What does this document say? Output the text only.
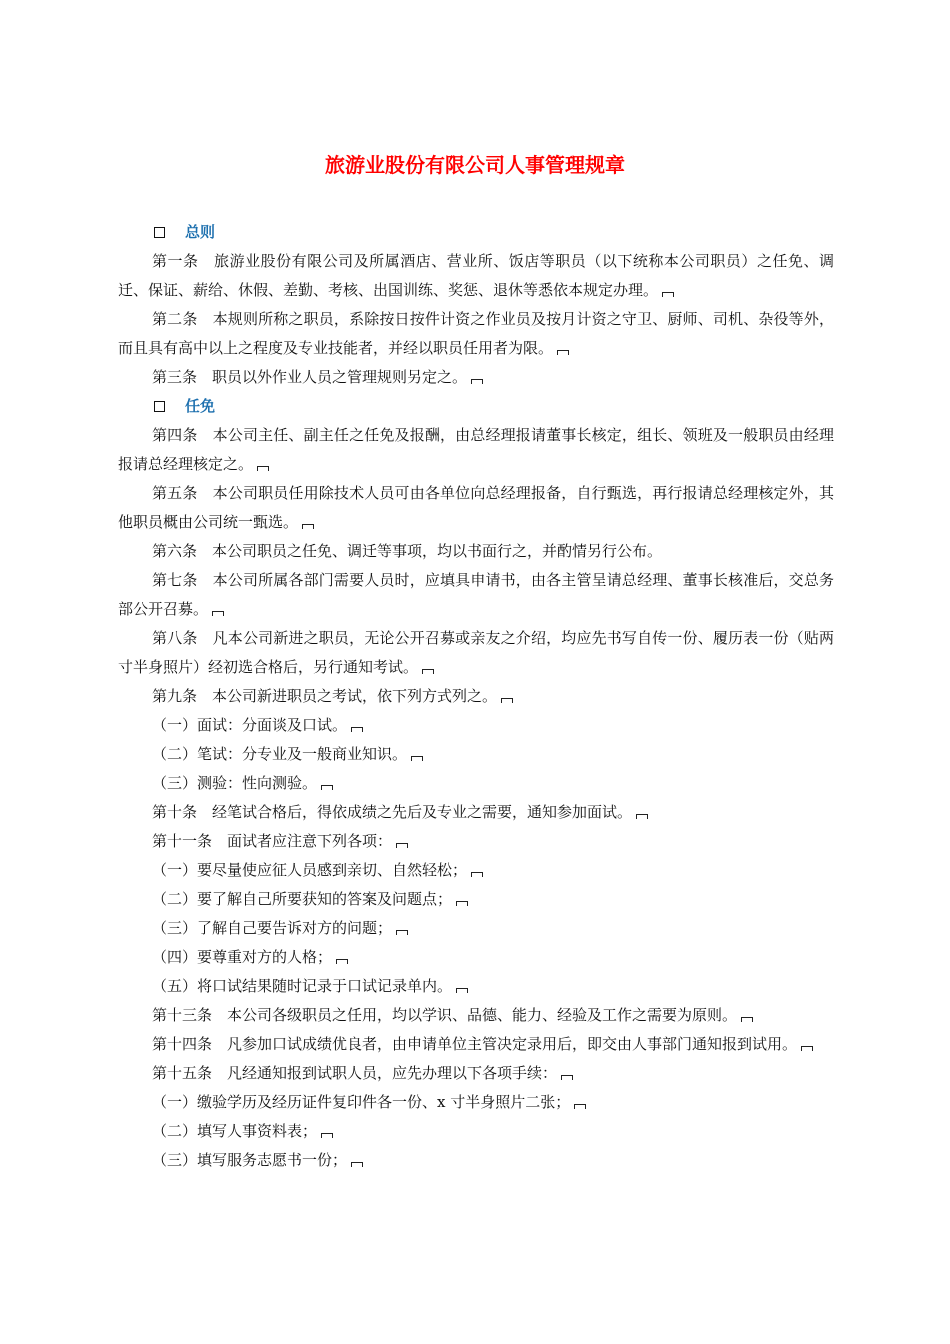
旅游业股份有限公司人事管理规章
总则

第一条 旅游业股份有限公司及所属酒店、营业所、饭店等职员（以下统称本公司职员）之任免、调迁、保证、薪给、休假、差勤、考核、出国训练、奖惩、退休等悉依本规定办理。

第二条 本规则所称之职员，系除按日按件计资之作业员及按月计资之守卫、厨师、司机、杂役等外，而且具有高中以上之程度及专业技能者，并经以职员任用者为限。

第三条 职员以外作业人员之管理规则另定之。

任免

第四条 本公司主任、副主任之任免及报酬，由总经理报请董事长核定，组长、领班及一般职员由经理报请总经理核定之。

第五条 本公司职员任用除技术人员可由各单位向总经理报备，自行甄选，再行报请总经理核定外，其他职员概由公司统一甄选。

第六条 本公司职员之任免、调迁等事项，均以书面行之，并酌情另行公布。

第七条 本公司所属各部门需要人员时，应填具申请书，由各主管呈请总经理、董事长核准后，交总务部公开召募。

第八条 凡本公司新进之职员，无论公开召募或亲友之介绍，均应先书写自传一份、履历表一份（贴两寸半身照片）经初选合格后，另行通知考试。

第九条 本公司新进职员之考试，依下列方式列之。

（一）面试：分面谈及口试。

（二）笔试：分专业及一般商业知识。

（三）测验：性向测验。

第十条 经笔试合格后，得依成绩之先后及专业之需要，通知参加面试。

第十一条 面试者应注意下列各项：

（一）要尽量使应征人员感到亲切、自然轻松；

（二）要了解自己所要获知的答案及问题点；

（三）了解自己要告诉对方的问题；

（四）要尊重对方的人格；

（五）将口试结果随时记录于口试记录单内。

第十三条 本公司各级职员之任用，均以学识、品德、能力、经验及工作之需要为原则。

第十四条 凡参加口试成绩优良者，由申请单位主管决定录用后，即交由人事部门通知报到试用。

第十五条 凡经通知报到试职人员，应先办理以下各项手续：

（一）缴验学历及经历证件复印件各一份、x 寸半身照片二张；

（二）填写人事资料表；

（三）填写服务志愿书一份；
